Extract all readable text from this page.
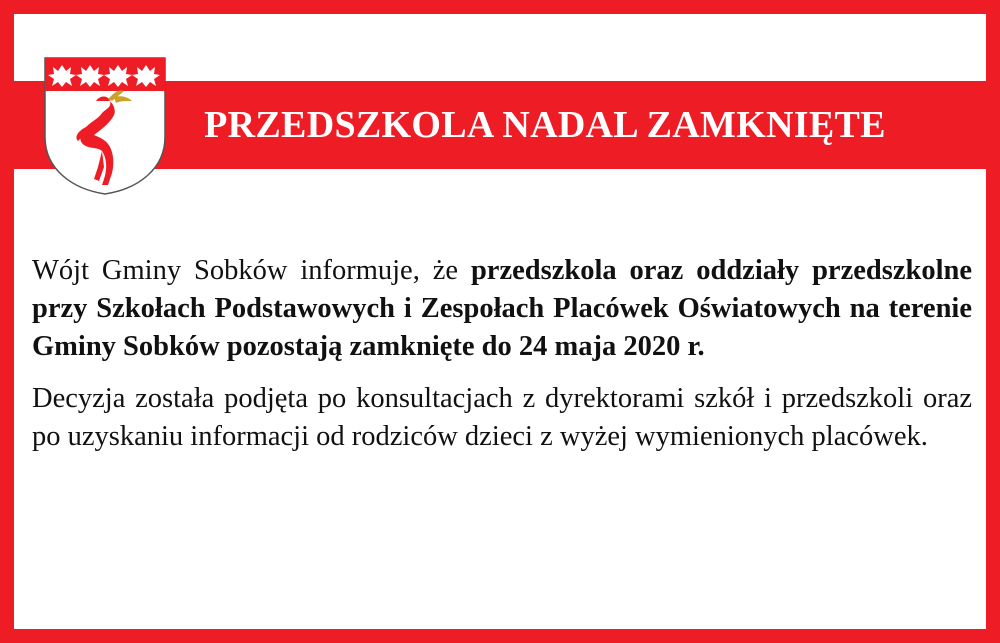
PRZEDSZKOLA NADAL ZAMKNIĘTE

Wójt Gminy Sobków informuje, że przedszkola oraz oddziały przedszkolne przy Szkołach Podstawowych i Zespołach Placówek Oświatowych na terenie Gminy Sobków pozostają zamknięte do 24 maja 2020 r.

Decyzja została podjęta po konsultacjach z dyrektorami szkół i przedszkoli oraz po uzyskaniu informacji od rodziców dzieci z wyżej wymienionych placówek.
